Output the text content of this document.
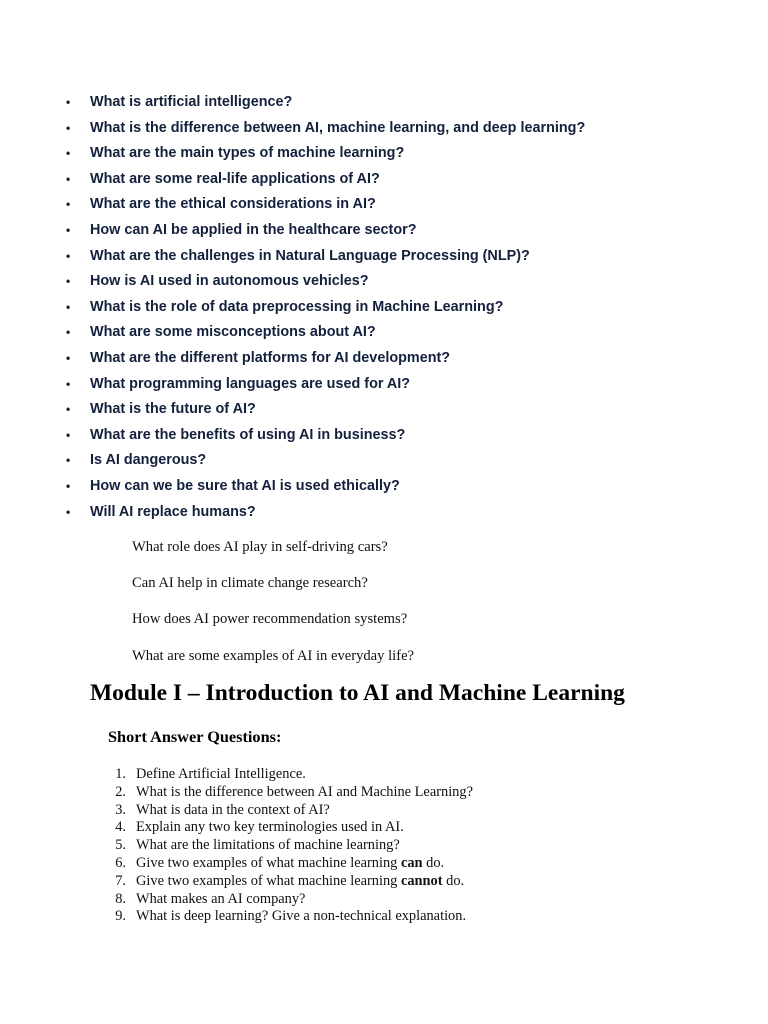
• What is artificial intelligence?
• What is the difference between AI, machine learning, and deep learning?
• What are the main types of machine learning?
• What are some real-life applications of AI?
• What are the ethical considerations in AI?
• How can AI be applied in the healthcare sector?
• What are the challenges in Natural Language Processing (NLP)?
• How is AI used in autonomous vehicles?
• What is the role of data preprocessing in Machine Learning?
• What are some misconceptions about AI?
• What are the different platforms for AI development?
• What programming languages are used for AI?
• What is the future of AI?
• What are the benefits of using AI in business?
• Is AI dangerous?
• How can we be sure that AI is used ethically?
• Will AI replace humans?

What role does AI play in self-driving cars?

Can AI help in climate change research?

How does AI power recommendation systems?

What are some examples of AI in everyday life?

Module I – Introduction to AI and Machine Learning
Short Answer Questions:
1. Define Artificial Intelligence.
2. What is the difference between AI and Machine Learning?
3. What is data in the context of AI?
4. Explain any two key terminologies used in AI.
5. What are the limitations of machine learning?
6. Give two examples of what machine learning can do.
7. Give two examples of what machine learning cannot do.
8. What makes an AI company?
9. What is deep learning? Give a non-technical explanation.
